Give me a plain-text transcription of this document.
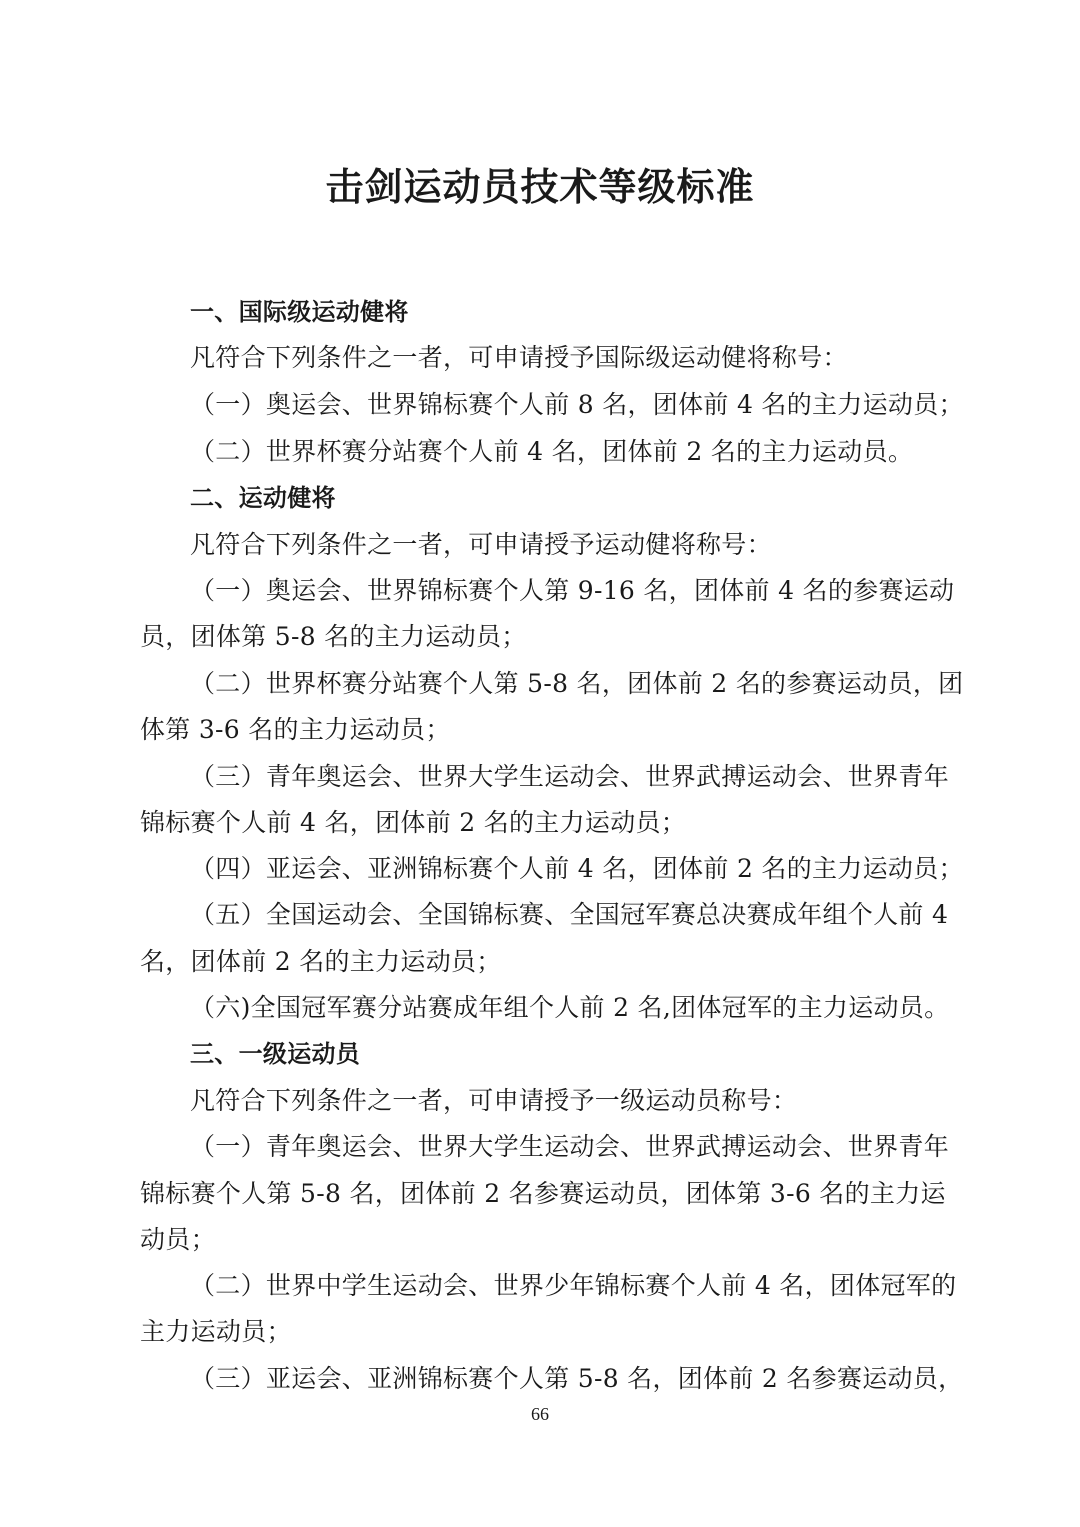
击剑运动员技术等级标准
一、国际级运动健将
凡符合下列条件之一者，可申请授予国际级运动健将称号：
（一）奥运会、世界锦标赛个人前 8 名，团体前 4 名的主力运动员；
（二）世界杯赛分站赛个人前 4 名，团体前 2 名的主力运动员。
二、运动健将
凡符合下列条件之一者，可申请授予运动健将称号：
（一）奥运会、世界锦标赛个人第 9-16 名，团体前 4 名的参赛运动
员，团体第 5-8 名的主力运动员；
（二）世界杯赛分站赛个人第 5-8 名，团体前 2 名的参赛运动员，团
体第 3-6 名的主力运动员；
（三）青年奥运会、世界大学生运动会、世界武搏运动会、世界青年
锦标赛个人前 4 名，团体前 2 名的主力运动员；
（四）亚运会、亚洲锦标赛个人前 4 名，团体前 2 名的主力运动员；
（五）全国运动会、全国锦标赛、全国冠军赛总决赛成年组个人前 4
名，团体前 2 名的主力运动员；
（六)全国冠军赛分站赛成年组个人前 2 名,团体冠军的主力运动员。
三、一级运动员
凡符合下列条件之一者，可申请授予一级运动员称号：
（一）青年奥运会、世界大学生运动会、世界武搏运动会、世界青年
锦标赛个人第 5-8 名，团体前 2 名参赛运动员，团体第 3-6 名的主力运
动员；
（二）世界中学生运动会、世界少年锦标赛个人前 4 名，团体冠军的
主力运动员；
（三）亚运会、亚洲锦标赛个人第 5-8 名，团体前 2 名参赛运动员，
66
